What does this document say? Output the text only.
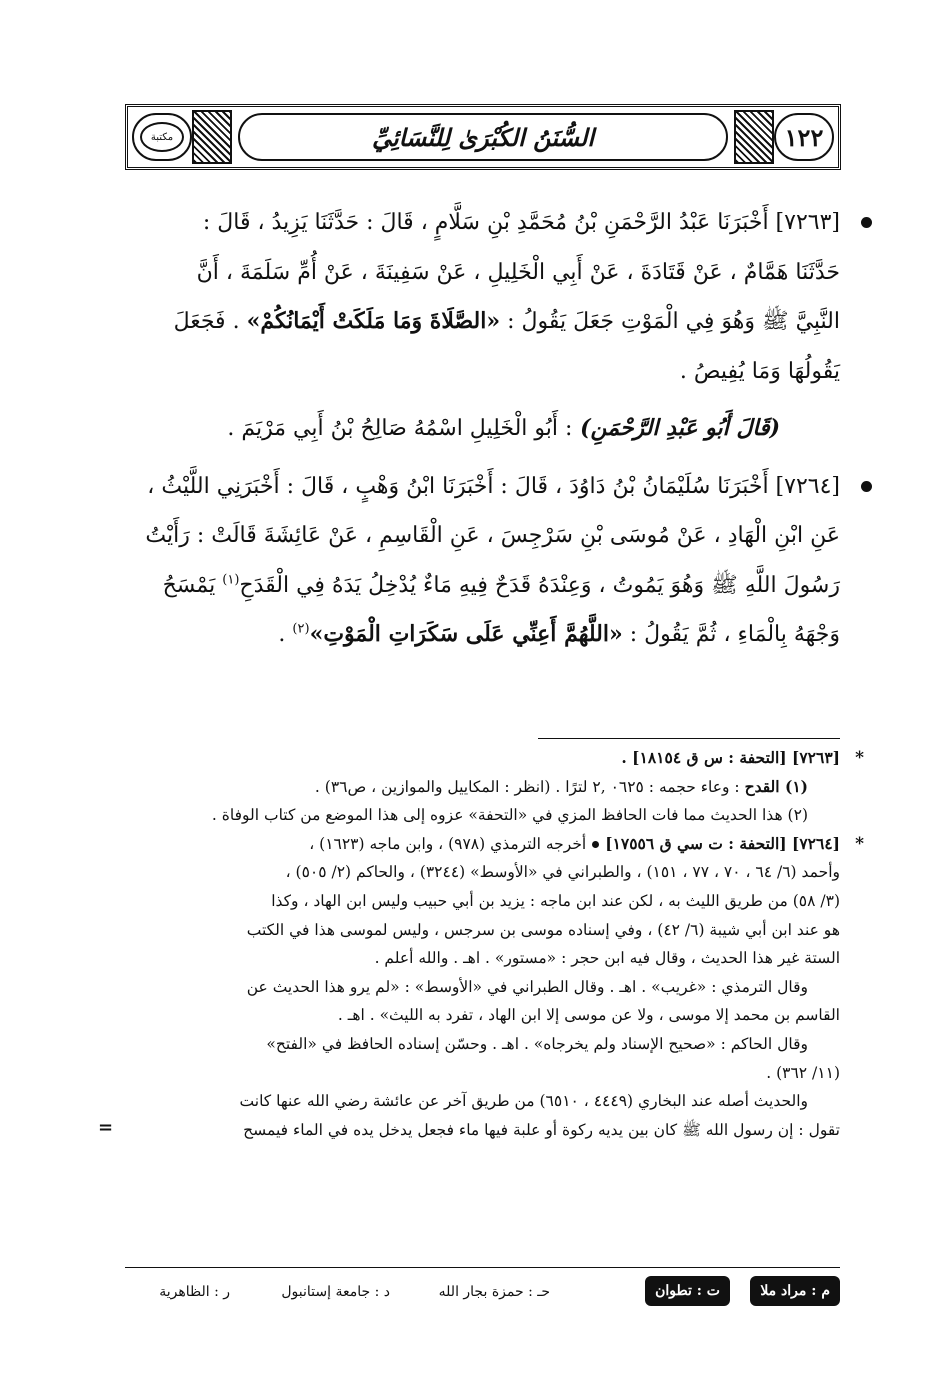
مكتبة	السُّنَنُ الكُبْرَىٰ لِلنَّسَائِيِّ	١٢٢
[٧٢٦٣] أَخْبَرَنَا عَبْدُ الرَّحْمَنِ بْنُ مُحَمَّدِ بْنِ سَلَّامٍ ، قَالَ : حَدَّثَنَا يَزِيدُ ، قَالَ :
حَدَّثَنَا هَمَّامٌ ، عَنْ قَتَادَةَ ، عَنْ أَبِي الْخَلِيلِ ، عَنْ سَفِينَةَ ، عَنْ أُمِّ سَلَمَةَ ، أَنَّ
النَّبِيَّ ﷺ وَهُوَ فِي الْمَوْتِ جَعَلَ يَقُولُ : «الصَّلَاةَ وَمَا مَلَكَتْ أَيْمَانُكُمْ» . فَجَعَلَ
يَقُولُهَا وَمَا يُفِيصُ .
(قَالَ أَبُو عَبْدِ الرَّحْمَنِ) : أَبُو الْخَلِيلِ اسْمُهُ صَالِحُ بْنُ أَبِي مَرْيَمَ .
[٧٢٦٤] أَخْبَرَنَا سُلَيْمَانُ بْنُ دَاوُدَ ، قَالَ : أَخْبَرَنَا ابْنُ وَهْبٍ ، قَالَ : أَخْبَرَنِي اللَّيْثُ ،
عَنِ ابْنِ الْهَادِ ، عَنْ مُوسَى بْنِ سَرْجِسَ ، عَنِ الْقَاسِمِ ، عَنْ عَائِشَةَ قَالَتْ : رَأَيْتُ
رَسُولَ اللَّهِ ﷺ وَهُوَ يَمُوتُ ، وَعِنْدَهُ قَدَحٌ فِيهِ مَاءٌ يُدْخِلُ يَدَهُ فِي الْقَدَحِ$^{(١)}$ يَمْسَحُ
وَجْهَهُ بِالْمَاءِ ، ثُمَّ يَقُولُ : «اللَّهُمَّ أَعِنِّي عَلَى سَكَرَاتِ الْمَوْتِ»$^{(٢)}$ .
*
[٧٢٦٣] [التحفة : س ق ١٨١٥٤] .
(١) القدح : وعاء حجمه : ٠٦٢٥ ,٢ لترًا . (انظر : المكاييل والموازين ، ص٣٦) .
(٢) هذا الحديث مما فات الحافظ المزي في «التحفة» عزوه إلى هذا الموضع من كتاب الوفاة .
*
[٧٢٦٤] [التحفة : ت سي ق ١٧٥٥٦]أخرجه الترمذي (٩٧٨) ، وابن ماجه (١٦٢٣) ،
وأحمد (٦/ ٦٤ ، ٧٠ ، ٧٧ ، ١٥١) ، والطبراني في «الأوسط» (٣٢٤٤) ، والحاكم (٢/ ٥٠٥) ،
(٣/ ٥٨) من طريق الليث به ، لكن عند ابن ماجه : يزيد بن أبي حبيب وليس ابن الهاد ، وكذا
هو عند ابن أبي شيبة (٦/ ٤٢) ، وفي إسناده موسى بن سرجس ، وليس لموسى هذا في الكتب
الستة غير هذا الحديث ، وقال فيه ابن حجر : «مستور» . اهـ . والله أعلم .
وقال الترمذي : «غريب» . اهـ . وقال الطبراني في «الأوسط» : «لم يرو هذا الحديث عن
القاسم بن محمد إلا موسى ، ولا عن موسى إلا ابن الهاد ، تفرد به الليث» . اهـ .
وقال الحاكم : «صحيح الإسناد ولم يخرجاه» . اهـ . وحسّن إسناده الحافظ في «الفتح»
(١١/ ٣٦٢) .
والحديث أصله عند البخاري (٤٤٤٩ ، ٦٥١٠) من طريق آخر عن عائشة رضي الله عنها كانت
تقول : إن رسول الله ﷺ كان بين يديه ركوة أو علبة فيها ماء فجعل يدخل يده في الماء فيمسح
=
م : مراد ملا
ت : تطوان
حـ : حمزة بجار الله
د : جامعة إستانبول
ر : الظاهرية
